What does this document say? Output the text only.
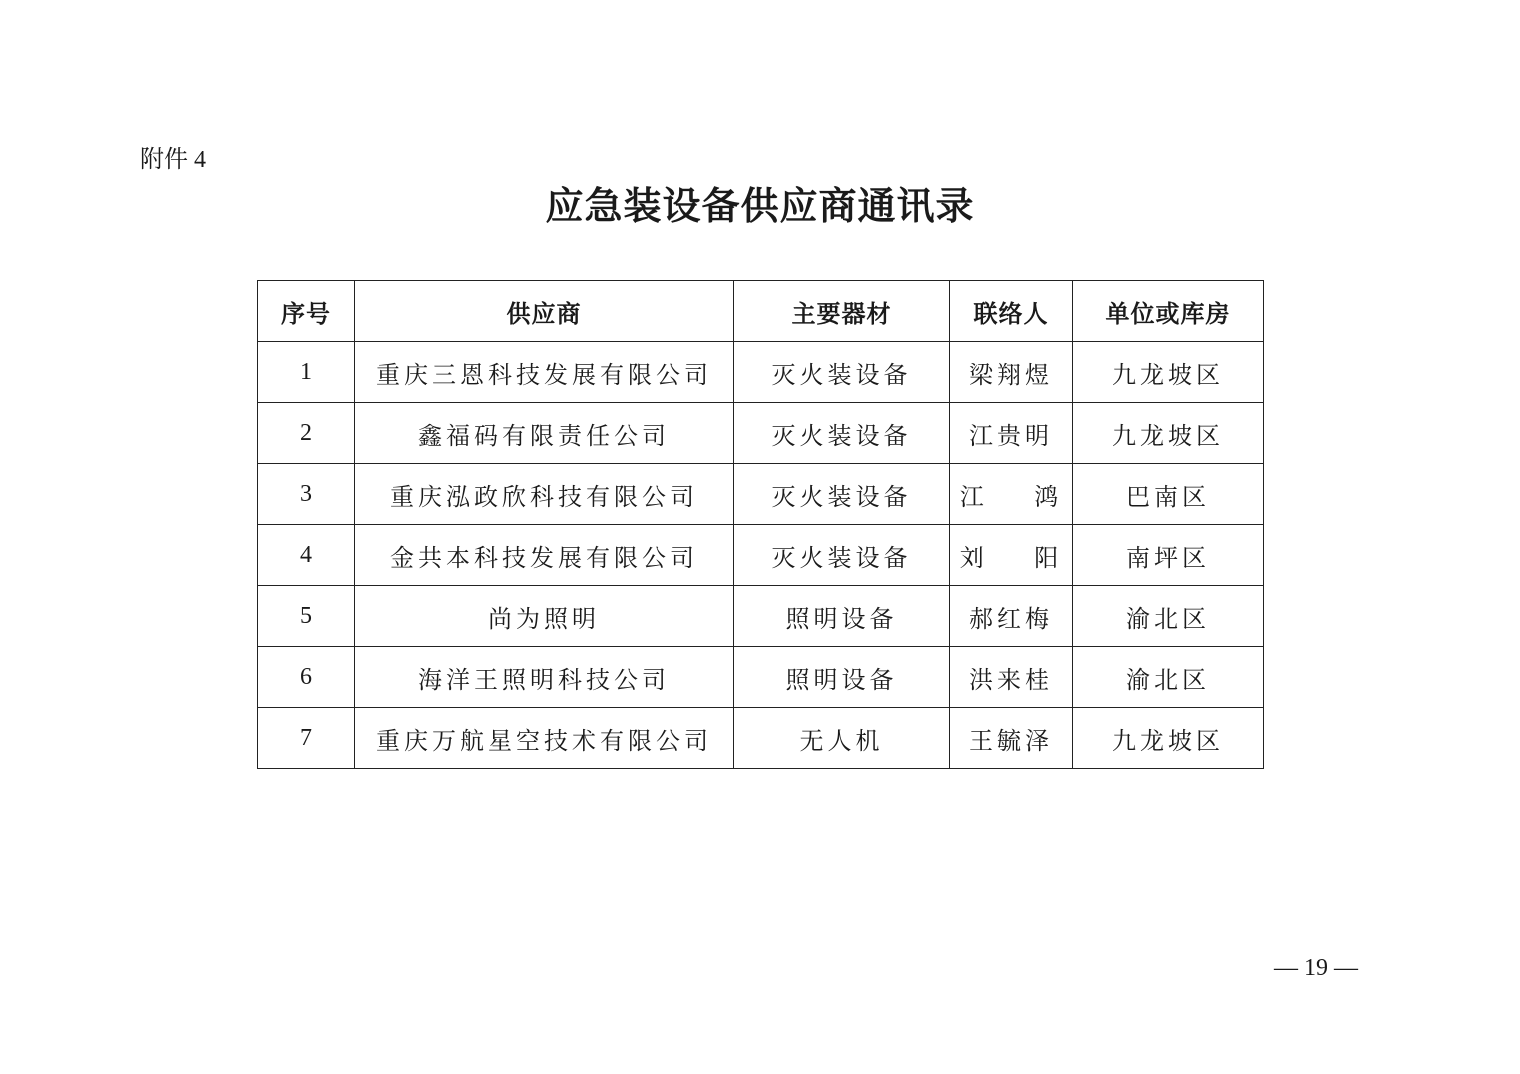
附件 4
应急装设备供应商通讯录
序号	供应商	主要器材	联络人	单位或库房
1	重庆三恩科技发展有限公司	灭火装设备	梁翔煜	九龙坡区
2	鑫福码有限责任公司	灭火装设备	江贵明	九龙坡区
3	重庆泓政欣科技有限公司	灭火装设备	江    鸿	巴南区
4	金共本科技发展有限公司	灭火装设备	刘    阳	南坪区
5	尚为照明	照明设备	郝红梅	渝北区
6	海洋王照明科技公司	照明设备	洪来桂	渝北区
7	重庆万航星空技术有限公司	无人机	王毓泽	九龙坡区
— 19 —
